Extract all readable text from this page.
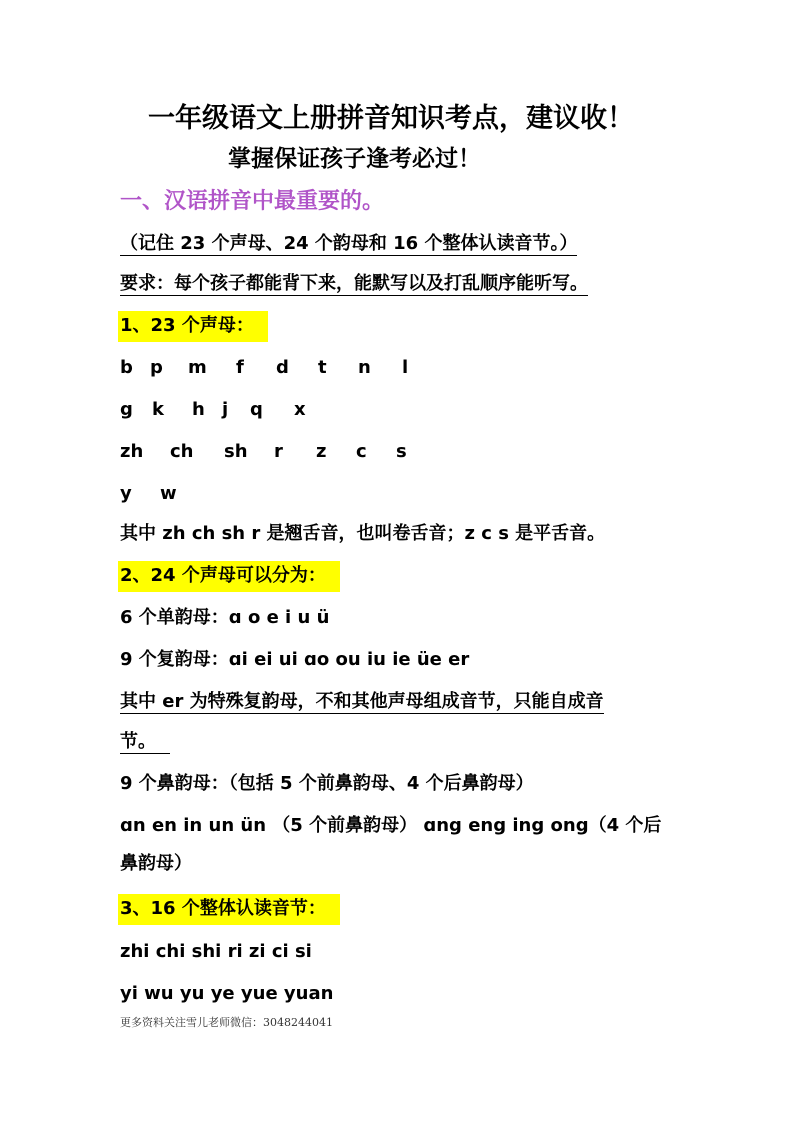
一年级语文上册拼音知识考点，建议收！
掌握保证孩子逢考必过！
一、汉语拼音中最重要的。
（记住 23 个声母、24 个韵母和 16 个整体认读音节。）
要求：每个孩子都能背下来，能默写以及打乱顺序能听写。
1、23 个声母：
b p	m	f	d	t	n	l
g	k	h j	q	x
zh	ch	sh	r	z	c	s
y	w
其中 zh ch sh r 是翘舌音，也叫卷舌音；z c s 是平舌音。
2、24 个声母可以分为：
6 个单韵母：ɑ o e i u ü
9 个复韵母：ɑi ei ui ɑo ou iu ie üe er
其中 er 为特殊复韵母，不和其他声母组成音节，只能自成音
节。
9 个鼻韵母：（包括 5 个前鼻韵母、4 个后鼻韵母）
ɑn en in un ün （5 个前鼻韵母） ɑng eng ing ong（4 个后
鼻韵母）
3、16 个整体认读音节：
zhi chi shi ri zi ci si
yi wu yu ye yue yuan
更多资料关注雪儿老师微信：3048244041
